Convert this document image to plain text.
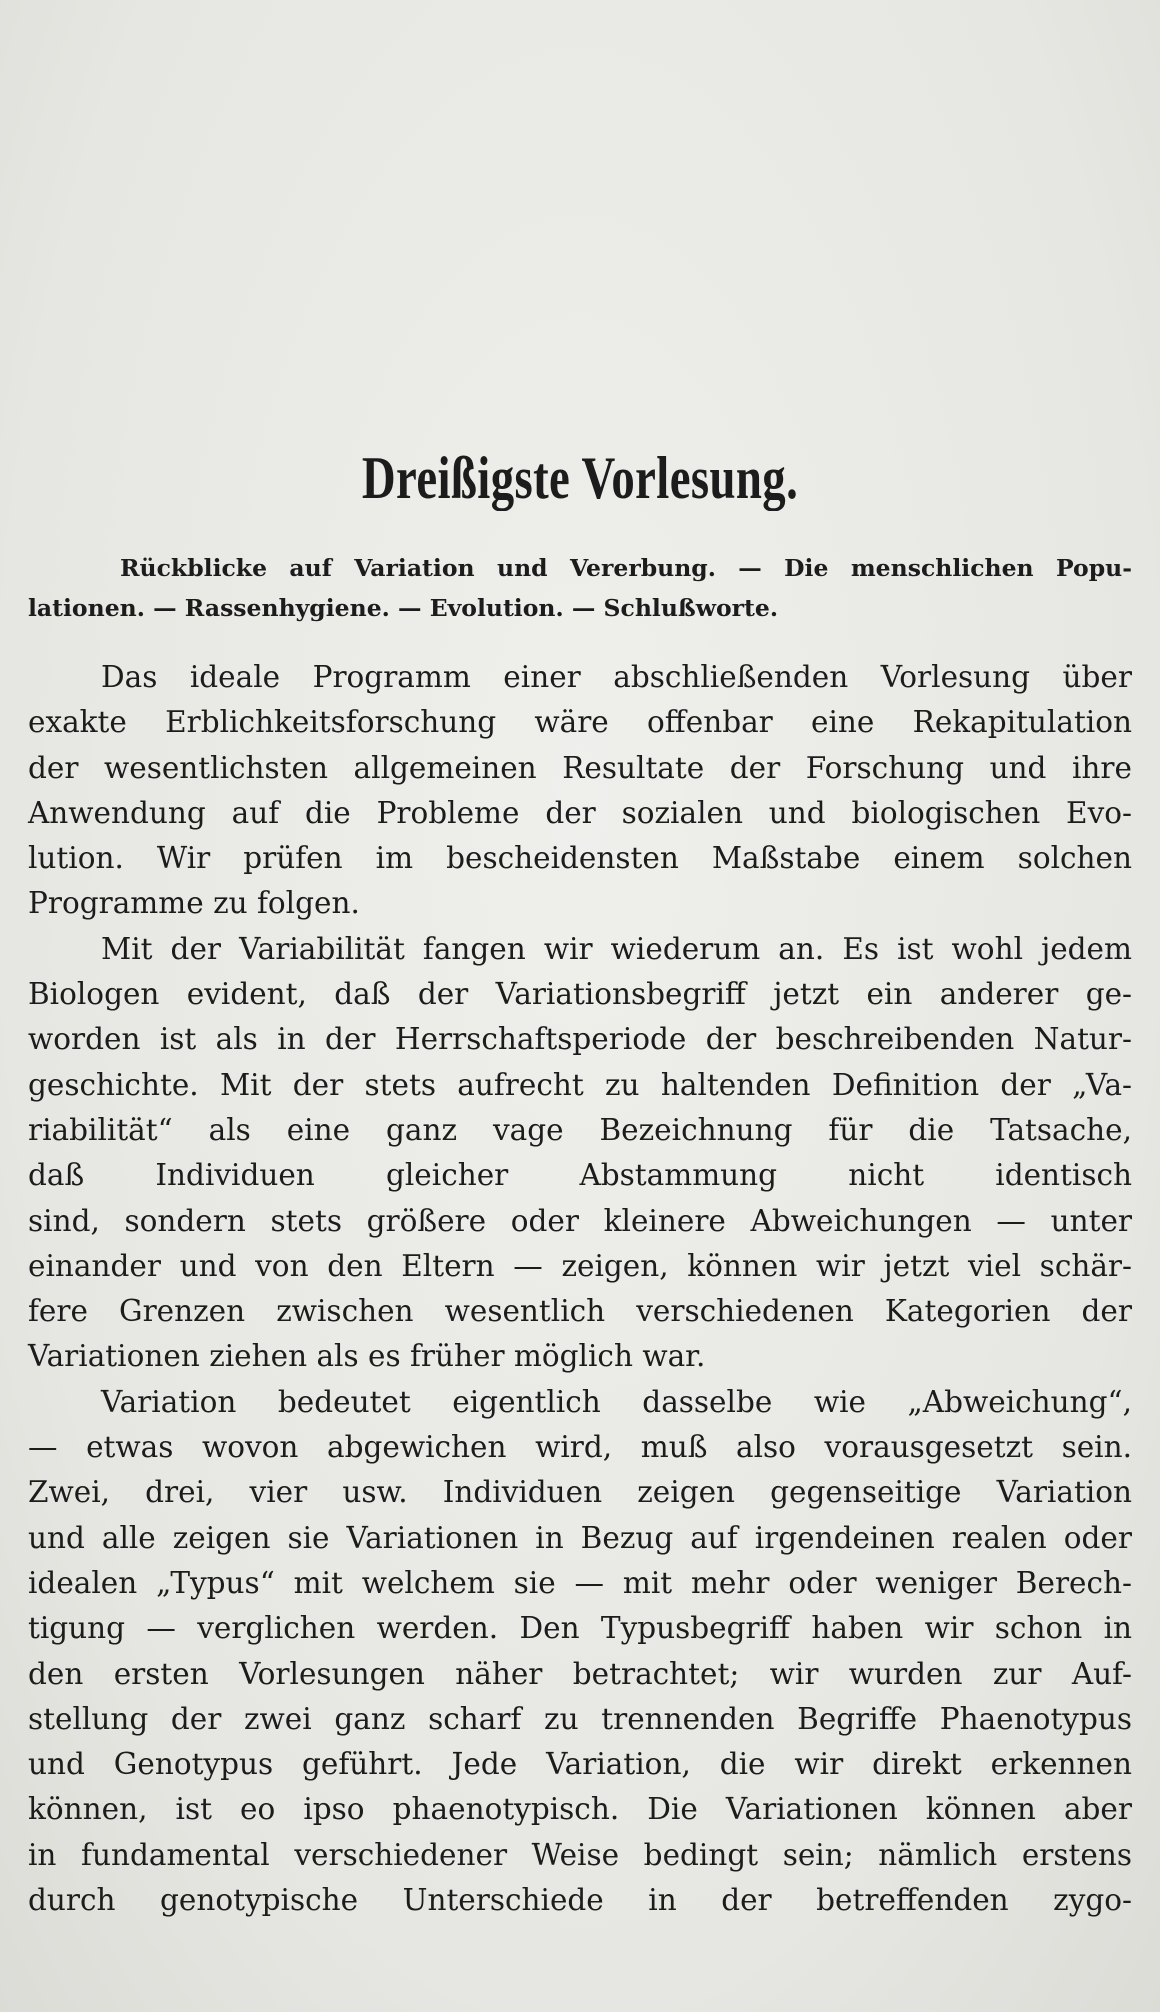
Dreißigste Vorlesung.

Rückblicke auf Variation und Vererbung. — Die menschlichen Popu-
lationen. — Rassenhygiene. — Evolution. — Schlußworte.

Das ideale Programm einer abschließenden Vorlesung über
exakte Erblichkeitsforschung wäre offenbar eine Rekapitulation
der wesentlichsten allgemeinen Resultate der Forschung und ihre
Anwendung auf die Probleme der sozialen und biologischen Evo-
lution. Wir prüfen im bescheidensten Maßstabe einem solchen
Programme zu folgen.
Mit der Variabilität fangen wir wiederum an. Es ist wohl jedem
Biologen evident, daß der Variationsbegriff jetzt ein anderer ge-
worden ist als in der Herrschaftsperiode der beschreibenden Natur-
geschichte. Mit der stets aufrecht zu haltenden Definition der „Va-
riabilität“ als eine ganz vage Bezeichnung für die Tatsache,
daß Individuen gleicher Abstammung nicht identisch
sind, sondern stets größere oder kleinere Abweichungen — unter
einander und von den Eltern — zeigen, können wir jetzt viel schär-
fere Grenzen zwischen wesentlich verschiedenen Kategorien der
Variationen ziehen als es früher möglich war.
Variation bedeutet eigentlich dasselbe wie „Abweichung“,
— etwas wovon abgewichen wird, muß also vorausgesetzt sein.
Zwei, drei, vier usw. Individuen zeigen gegenseitige Variation
und alle zeigen sie Variationen in Bezug auf irgendeinen realen oder
idealen „Typus“ mit welchem sie — mit mehr oder weniger Berech-
tigung — verglichen werden. Den Typusbegriff haben wir schon in
den ersten Vorlesungen näher betrachtet; wir wurden zur Auf-
stellung der zwei ganz scharf zu trennenden Begriffe Phaenotypus
und Genotypus geführt. Jede Variation, die wir direkt erkennen
können, ist eo ipso phaenotypisch. Die Variationen können aber
in fundamental verschiedener Weise bedingt sein; nämlich erstens
durch genotypische Unterschiede in der betreffenden zygo-
